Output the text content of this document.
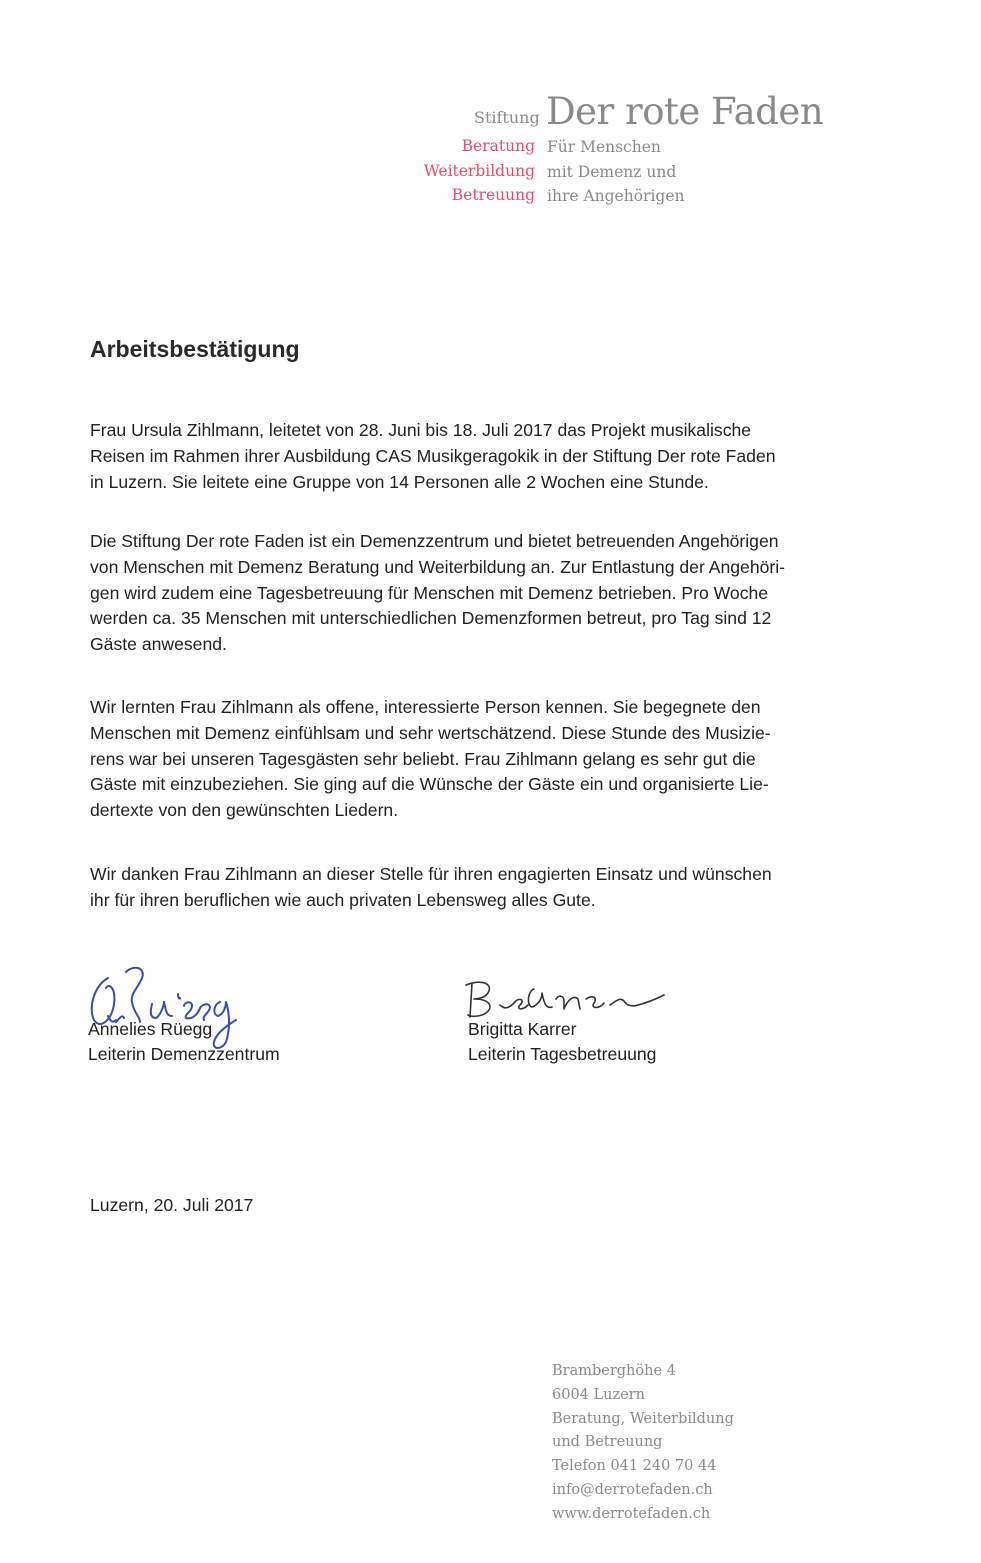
Stiftung Der rote Faden
Beratung Für Menschen
Weiterbildung mit Demenz und
Betreuung ihre Angehörigen
Arbeitsbestätigung
Frau Ursula Zihlmann, leitetet von 28. Juni bis 18. Juli 2017 das Projekt musikalische
Reisen im Rahmen ihrer Ausbildung CAS Musikgeragokik in der Stiftung Der rote Faden
in Luzern. Sie leitete eine Gruppe von 14 Personen alle 2 Wochen eine Stunde.
Die Stiftung Der rote Faden ist ein Demenzzentrum und bietet betreuenden Angehörigen
von Menschen mit Demenz Beratung und Weiterbildung an. Zur Entlastung der Angehöri-
gen wird zudem eine Tagesbetreuung für Menschen mit Demenz betrieben. Pro Woche
werden ca. 35 Menschen mit unterschiedlichen Demenzformen betreut, pro Tag sind 12
Gäste anwesend.
Wir lernten Frau Zihlmann als offene, interessierte Person kennen. Sie begegnete den
Menschen mit Demenz einfühlsam und sehr wertschätzend. Diese Stunde des Musizie-
rens war bei unseren Tagesgästen sehr beliebt. Frau Zihlmann gelang es sehr gut die
Gäste mit einzubeziehen. Sie ging auf die Wünsche der Gäste ein und organisierte Lie-
dertexte von den gewünschten Liedern.
Wir danken Frau Zihlmann an dieser Stelle für ihren engagierten Einsatz und wünschen
ihr für ihren beruflichen wie auch privaten Lebensweg alles Gute.
Annelies Rüegg
Leiterin Demenzzentrum
Brigitta Karrer
Leiterin Tagesbetreuung
Luzern, 20. Juli 2017
Bramberghöhe 4
6004 Luzern
Beratung, Weiterbildung
und Betreuung
Telefon 041 240 70 44
info@derrotefaden.ch
www.derrotefaden.ch
